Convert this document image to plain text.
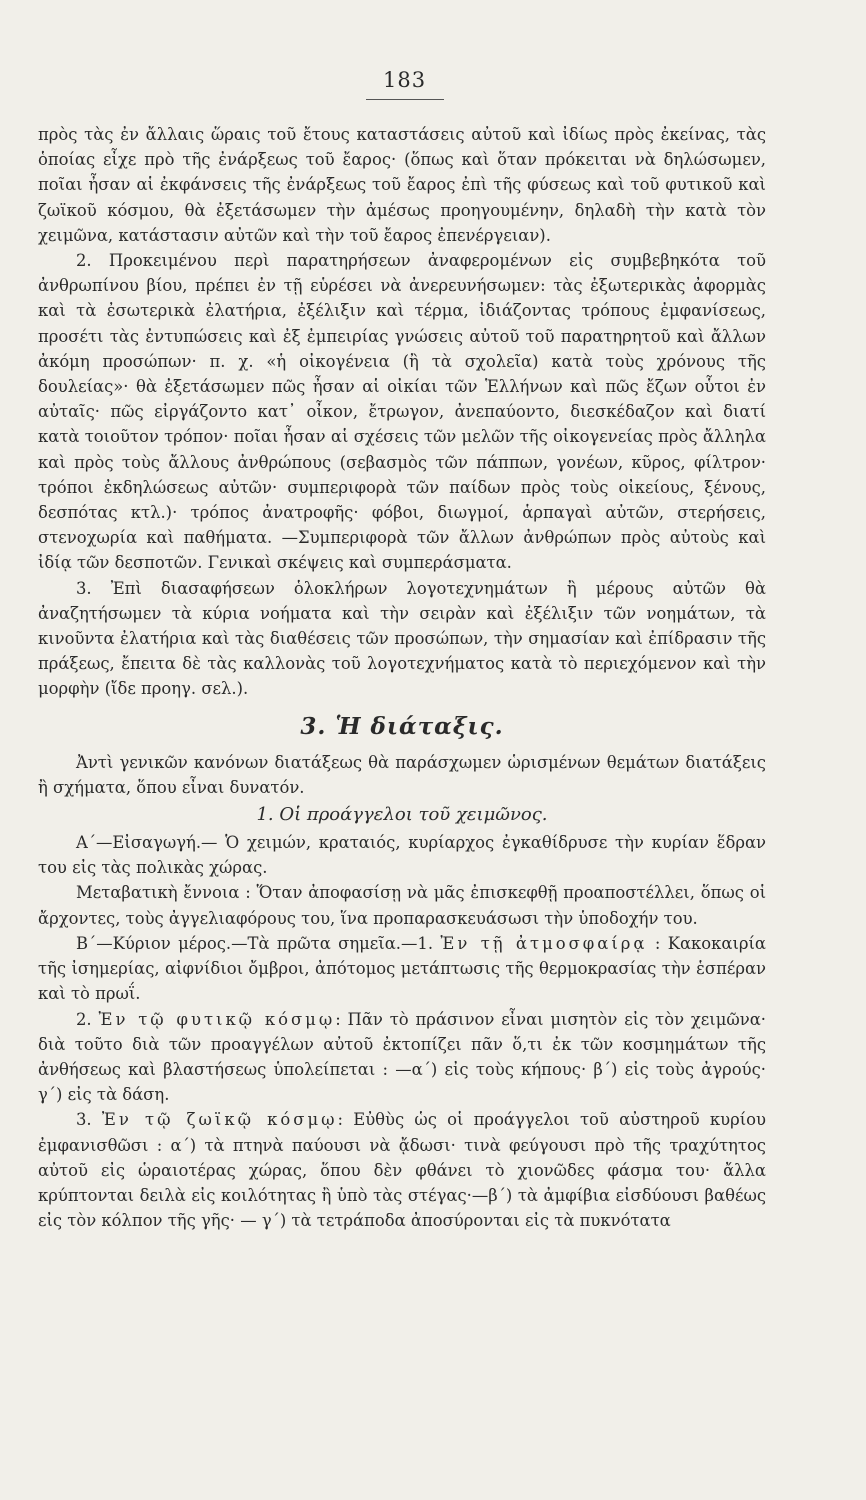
183

πρὸς τὰς ἐν ἄλλαις ὥραις τοῦ ἔτους καταστάσεις αὐτοῦ καὶ ἰδίως πρὸς ἐκείνας, τὰς ὁποίας εἶχε πρὸ τῆς ἐνάρξεως τοῦ ἔαρος· (ὅπως καὶ ὅταν πρόκειται νὰ δηλώσωμεν, ποῖαι ἦσαν αἱ ἐκφάνσεις τῆς ἐνάρξεως τοῦ ἔαρος ἐπὶ τῆς φύσεως καὶ τοῦ φυτικοῦ καὶ ζωϊκοῦ κόσμου, θὰ ἐξετάσωμεν τὴν ἀμέσως προηγουμένην, δηλαδὴ τὴν κατὰ τὸν χειμῶνα, κατάστασιν αὐτῶν καὶ τὴν τοῦ ἔαρος ἐπενέργειαν).

2. Προκειμένου περὶ παρατηρήσεων ἀναφερομένων εἰς συμβεβηκότα τοῦ ἀνθρωπίνου βίου, πρέπει ἐν τῇ εὑρέσει νὰ ἀνερευνήσωμεν: τὰς ἐξωτερικὰς ἀφορμὰς καὶ τὰ ἐσωτερικὰ ἐλατήρια, ἐξέλιξιν καὶ τέρμα, ἰδιάζοντας τρόπους ἐμφανίσεως, προσέτι τὰς ἐντυπώσεις καὶ ἐξ ἐμπειρίας γνώσεις αὐτοῦ τοῦ παρατηρητοῦ καὶ ἄλλων ἀκόμη προσώπων· π. χ. «ἡ οἰκογένεια (ἢ τὰ σχολεῖα) κατὰ τοὺς χρόνους τῆς δουλείας»· θὰ ἐξετάσωμεν πῶς ἦσαν αἱ οἰκίαι τῶν Ἑλλήνων καὶ πῶς ἔζων οὗτοι ἐν αὐταῖς· πῶς εἰργάζοντο κατ᾽ οἶκον, ἔτρωγον, ἀνεπαύοντο, διεσκέδαζον καὶ διατί κατὰ τοιοῦτον τρόπον· ποῖαι ἦσαν αἱ σχέσεις τῶν μελῶν τῆς οἰκογενείας πρὸς ἄλληλα καὶ πρὸς τοὺς ἄλλους ἀνθρώπους (σεβασμὸς τῶν πάππων, γονέων, κῦρος, φίλτρον· τρόποι ἐκδηλώσεως αὐτῶν· συμπεριφορὰ τῶν παίδων πρὸς τοὺς οἰκείους, ξένους, δεσπότας κτλ.)· τρόπος ἀνατροφῆς· φόβοι, διωγμοί, ἁρπαγαὶ αὐτῶν, στερήσεις, στενοχωρία καὶ παθήματα. —Συμπεριφορὰ τῶν ἄλλων ἀνθρώπων πρὸς αὐτοὺς καὶ ἰδίᾳ τῶν δεσποτῶν. Γενικαὶ σκέψεις καὶ συμπεράσματα.

3. Ἐπὶ διασαφήσεων ὁλοκλήρων λογοτεχνημάτων ἢ μέρους αὐτῶν θὰ ἀναζητήσωμεν τὰ κύρια νοήματα καὶ τὴν σειρὰν καὶ ἐξέλιξιν τῶν νοημάτων, τὰ κινοῦντα ἐλατήρια καὶ τὰς διαθέσεις τῶν προσώπων, τὴν σημασίαν καὶ ἐπίδρασιν τῆς πράξεως, ἔπειτα δὲ τὰς καλλονὰς τοῦ λογοτεχνήματος κατὰ τὸ περιεχόμενον καὶ τὴν μορφὴν (ἴδε προηγ. σελ.).

3. Ἡ διάταξις.

Ἀντὶ γενικῶν κανόνων διατάξεως θὰ παράσχωμεν ὡρισμένων θεμάτων διατάξεις ἢ σχήματα, ὅπου εἶναι δυνατόν.

1. Οἱ προάγγελοι τοῦ χειμῶνος.

Α΄—Εἰσαγωγή.— Ὁ χειμών, κραταιός, κυρίαρχος ἐγκαθίδρυσε τὴν κυρίαν ἕδραν του εἰς τὰς πολικὰς χώρας.

Μεταβατικὴ ἔννοια : Ὅταν ἀποφασίσῃ νὰ μᾶς ἐπισκεφθῇ προαποστέλλει, ὅπως οἱ ἄρχοντες, τοὺς ἀγγελιαφόρους του, ἵνα προπαρασκευάσωσι τὴν ὑποδοχήν του.

Β΄—Κύριον μέρος.—Τὰ πρῶτα σημεῖα.—1. Ἐν τῇ ἀτμοσφαίρᾳ : Κακοκαιρία τῆς ἰσημερίας, αἰφνίδιοι ὄμβροι, ἀπότομος μετάπτωσις τῆς θερμοκρασίας τὴν ἑσπέραν καὶ τὸ πρωΐ.

2. Ἐν τῷ φυτικῷ κόσμῳ: Πᾶν τὸ πράσινον εἶναι μισητὸν εἰς τὸν χειμῶνα· διὰ τοῦτο διὰ τῶν προαγγέλων αὐτοῦ ἐκτοπίζει πᾶν ὅ,τι ἐκ τῶν κοσμημάτων τῆς ἀνθήσεως καὶ βλαστήσεως ὑπολείπεται : —α΄) εἰς τοὺς κήπους· β΄) εἰς τοὺς ἀγρούς· γ΄) εἰς τὰ δάση.

3. Ἐν τῷ ζωϊκῷ κόσμῳ: Εὐθὺς ὡς οἱ προάγγελοι τοῦ αὐστηροῦ κυρίου ἐμφανισθῶσι : α΄) τὰ πτηνὰ παύουσι νὰ ᾄδωσι· τινὰ φεύγουσι πρὸ τῆς τραχύτητος αὐτοῦ εἰς ὡραιοτέρας χώρας, ὅπου δὲν φθάνει τὸ χιονῶδες φάσμα του· ἄλλα κρύπτονται δειλὰ εἰς κοιλότητας ἢ ὑπὸ τὰς στέγας·—β΄) τὰ ἀμφίβια εἰσδύουσι βαθέως εἰς τὸν κόλπον τῆς γῆς· — γ΄) τὰ τετράποδα ἀποσύρονται εἰς τὰ πυκνότατα
